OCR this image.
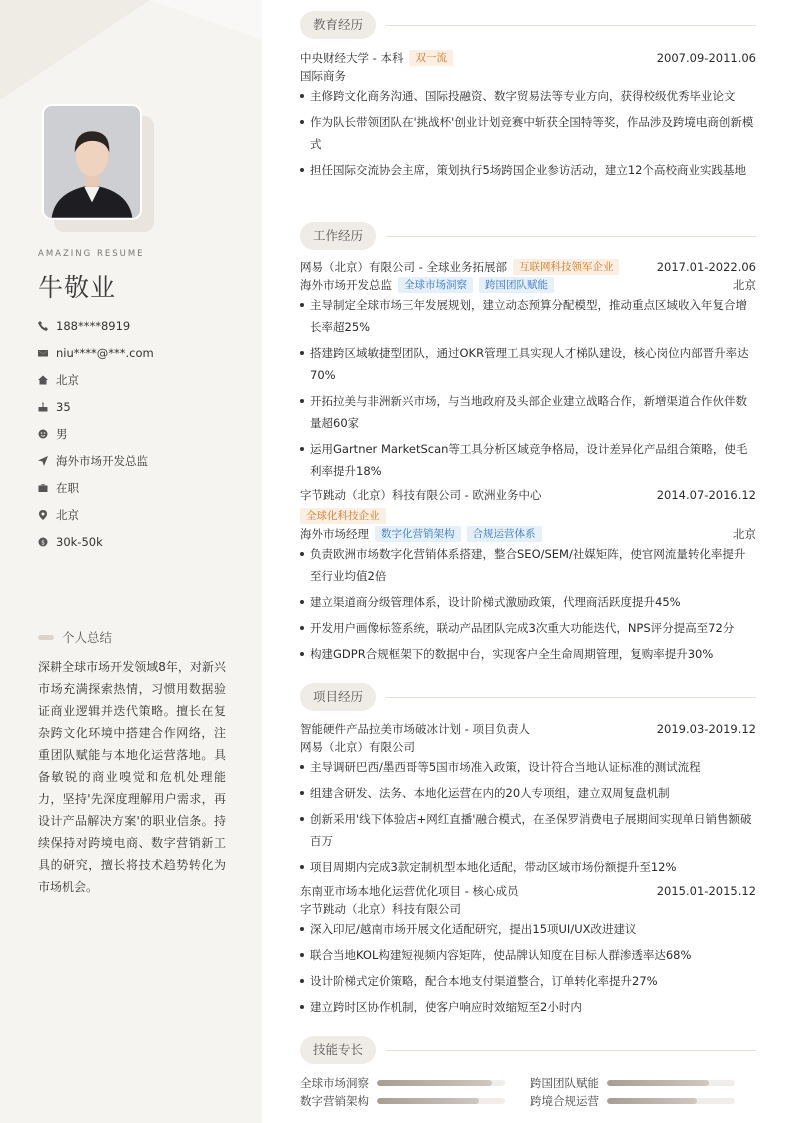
AMAZING RESUME
牛敬业
188****8919
niu****@***.com
北京
35
男
海外市场开发总监
在职
北京
$ 30k-50k
个人总结
深耕全球市场开发领域8年，对新兴市场充满探索热情，习惯用数据验证商业逻辑并迭代策略。擅长在复杂跨文化环境中搭建合作网络，注重团队赋能与本地化运营落地。具备敏锐的商业嗅觉和危机处理能力，坚持'先深度理解用户需求，再设计产品解决方案'的职业信条。持续保持对跨境电商、数字营销新工具的研究，擅长将技术趋势转化为市场机会。
教育经历
中央财经大学 - 本科	双一流	2007.09-2011.06
国际商务
主修跨文化商务沟通、国际投融资、数字贸易法等专业方向，获得校级优秀毕业论文
作为队长带领团队在'挑战杯'创业计划竞赛中斩获全国特等奖，作品涉及跨境电商创新模式
担任国际交流协会主席，策划执行5场跨国企业参访活动，建立12个高校商业实践基地
工作经历
网易（北京）有限公司 - 全球业务拓展部	互联网科技领军企业	2017.01-2022.06
海外市场开发总监	全球市场洞察	跨国团队赋能	北京
主导制定全球市场三年发展规划，建立动态预算分配模型，推动重点区域收入年复合增长率超25%
搭建跨区域敏捷型团队，通过OKR管理工具实现人才梯队建设，核心岗位内部晋升率达70%
开拓拉美与非洲新兴市场，与当地政府及头部企业建立战略合作，新增渠道合作伙伴数量超60家
运用Gartner MarketScan等工具分析区域竞争格局，设计差异化产品组合策略，使毛利率提升18%
字节跳动（北京）科技有限公司 - 欧洲业务中心	2014.07-2016.12
全球化科技企业
海外市场经理	数字化营销架构	合规运营体系	北京
负责欧洲市场数字化营销体系搭建，整合SEO/SEM/社媒矩阵，使官网流量转化率提升至行业均值2倍
建立渠道商分级管理体系，设计阶梯式激励政策，代理商活跃度提升45%
开发用户画像标签系统，联动产品团队完成3次重大功能迭代，NPS评分提高至72分
构建GDPR合规框架下的数据中台，实现客户全生命周期管理，复购率提升30%
项目经历
智能硬件产品拉美市场破冰计划 - 项目负责人	2019.03-2019.12
网易（北京）有限公司
主导调研巴西/墨西哥等5国市场准入政策，设计符合当地认证标准的测试流程
组建含研发、法务、本地化运营在内的20人专项组，建立双周复盘机制
创新采用'线下体验店+网红直播'融合模式，在圣保罗消费电子展期间实现单日销售额破百万
项目周期内完成3款定制机型本地化适配，带动区域市场份额提升至12%
东南亚市场本地化运营优化项目 - 核心成员	2015.01-2015.12
字节跳动（北京）科技有限公司
深入印尼/越南市场开展文化适配研究，提出15项UI/UX改进建议
联合当地KOL构建短视频内容矩阵，使品牌认知度在目标人群渗透率达68%
设计阶梯式定价策略，配合本地支付渠道整合，订单转化率提升27%
建立跨时区协作机制，使客户响应时效缩短至2小时内
技能专长
全球市场洞察	跨国团队赋能
数字营销架构	跨境合规运营
